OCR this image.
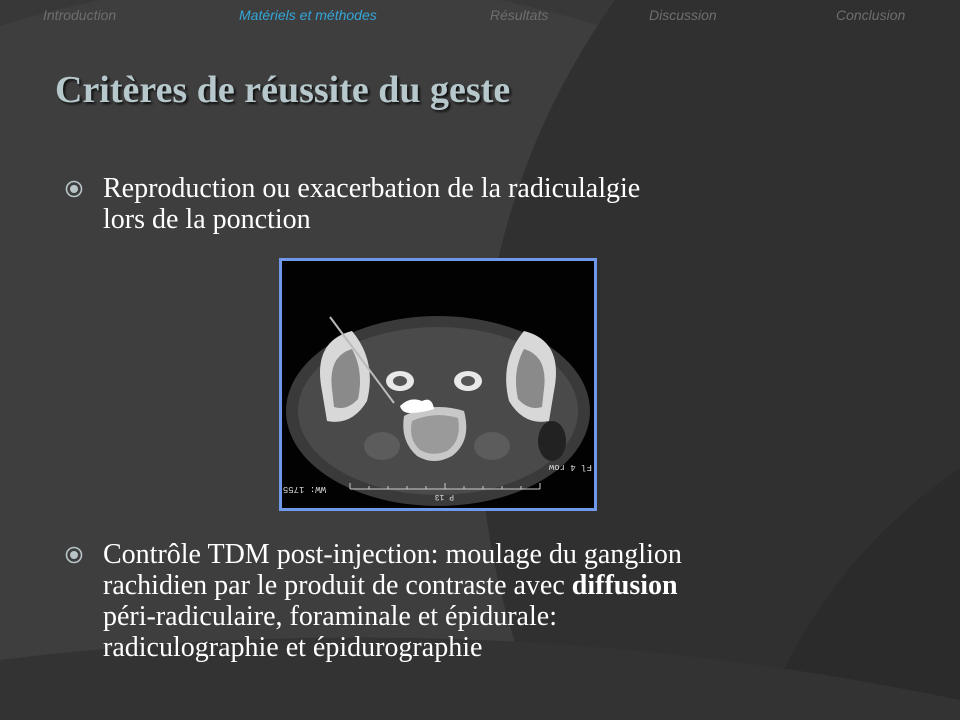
Introduction	Matériels et méthodes	Résultats	Discussion	Conclusion
Critères de réussite du geste
Reproduction ou exacerbation de la radiculalgie
lors de la ponction
WW: 1755
P 13
Fl 4 row
Contrôle TDM post-injection: moulage du ganglion
rachidien par le produit de contraste avec diffusion
péri-radiculaire, foraminale et épidurale:
radiculographie et épidurographie
